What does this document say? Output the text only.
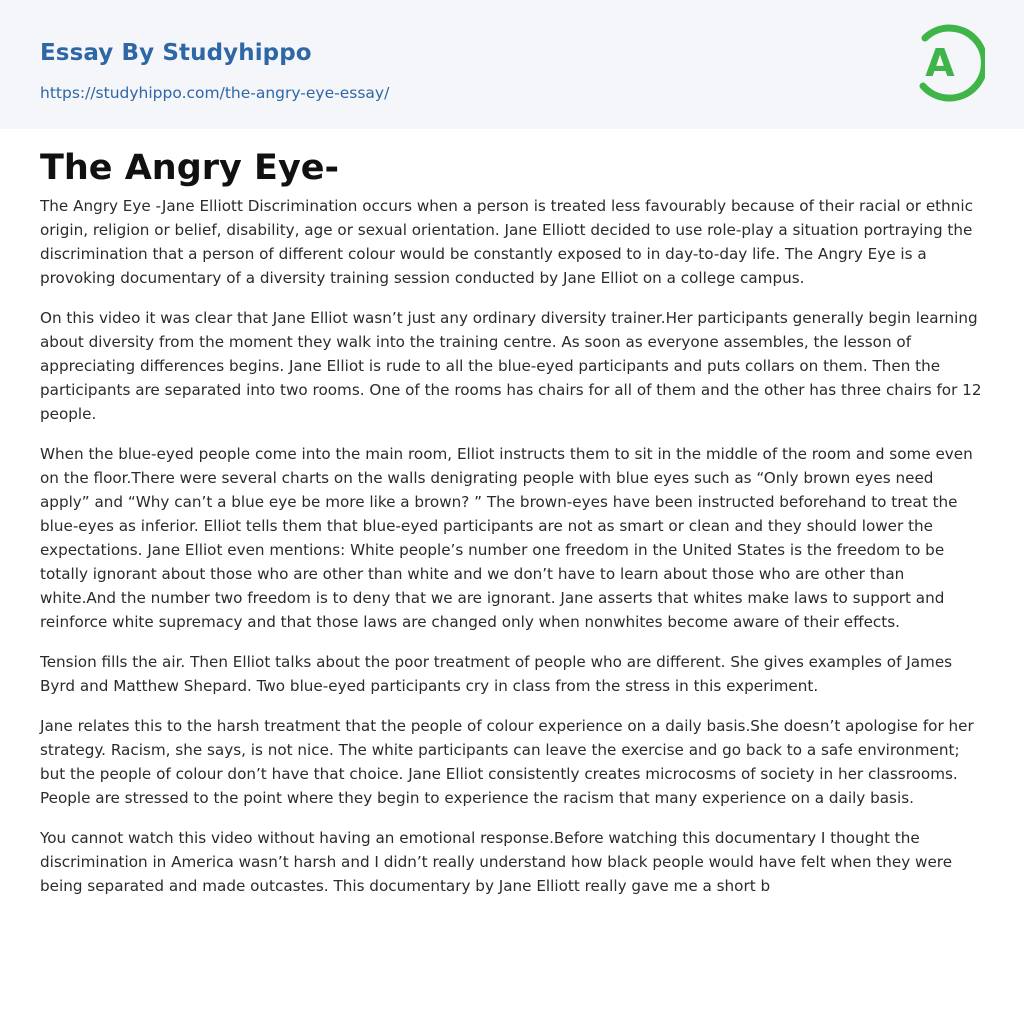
Essay By Studyhippo
https://studyhippo.com/the-angry-eye-essay/
A
The Angry Eye-

The Angry Eye -Jane Elliott Discrimination occurs when a person is treated less favourably because of their racial or ethnic origin, religion or belief, disability, age or sexual orientation. Jane Elliott decided to use role-play a situation portraying the discrimination that a person of different colour would be constantly exposed to in day-to-day life. The Angry Eye is a provoking documentary of a diversity training session conducted by Jane Elliot on a college campus.

On this video it was clear that Jane Elliot wasn’t just any ordinary diversity trainer.Her participants generally begin learning about diversity from the moment they walk into the training centre. As soon as everyone assembles, the lesson of appreciating differences begins. Jane Elliot is rude to all the blue-eyed participants and puts collars on them. Then the participants are separated into two rooms. One of the rooms has chairs for all of them and the other has three chairs for 12 people.

When the blue-eyed people come into the main room, Elliot instructs them to sit in the middle of the room and some even on the floor.There were several charts on the walls denigrating people with blue eyes such as “Only brown eyes need apply” and “Why can’t a blue eye be more like a brown? ” The brown-eyes have been instructed beforehand to treat the blue-eyes as inferior. Elliot tells them that blue-eyed participants are not as smart or clean and they should lower the expectations. Jane Elliot even mentions: White people’s number one freedom in the United States is the freedom to be totally ignorant about those who are other than white and we don’t have to learn about those who are other than white.And the number two freedom is to deny that we are ignorant. Jane asserts that whites make laws to support and reinforce white supremacy and that those laws are changed only when nonwhites become aware of their effects.

Tension fills the air. Then Elliot talks about the poor treatment of people who are different. She gives examples of James Byrd and Matthew Shepard. Two blue-eyed participants cry in class from the stress in this experiment.

Jane relates this to the harsh treatment that the people of colour experience on a daily basis.She doesn’t apologise for her strategy. Racism, she says, is not nice. The white participants can leave the exercise and go back to a safe environment; but the people of colour don’t have that choice. Jane Elliot consistently creates microcosms of society in her classrooms. People are stressed to the point where they begin to experience the racism that many experience on a daily basis.

You cannot watch this video without having an emotional response.Before watching this documentary I thought the discrimination in America wasn’t harsh and I didn’t really understand how black people would have felt when they were being separated and made outcastes. This documentary by Jane Elliott really gave me a short b
